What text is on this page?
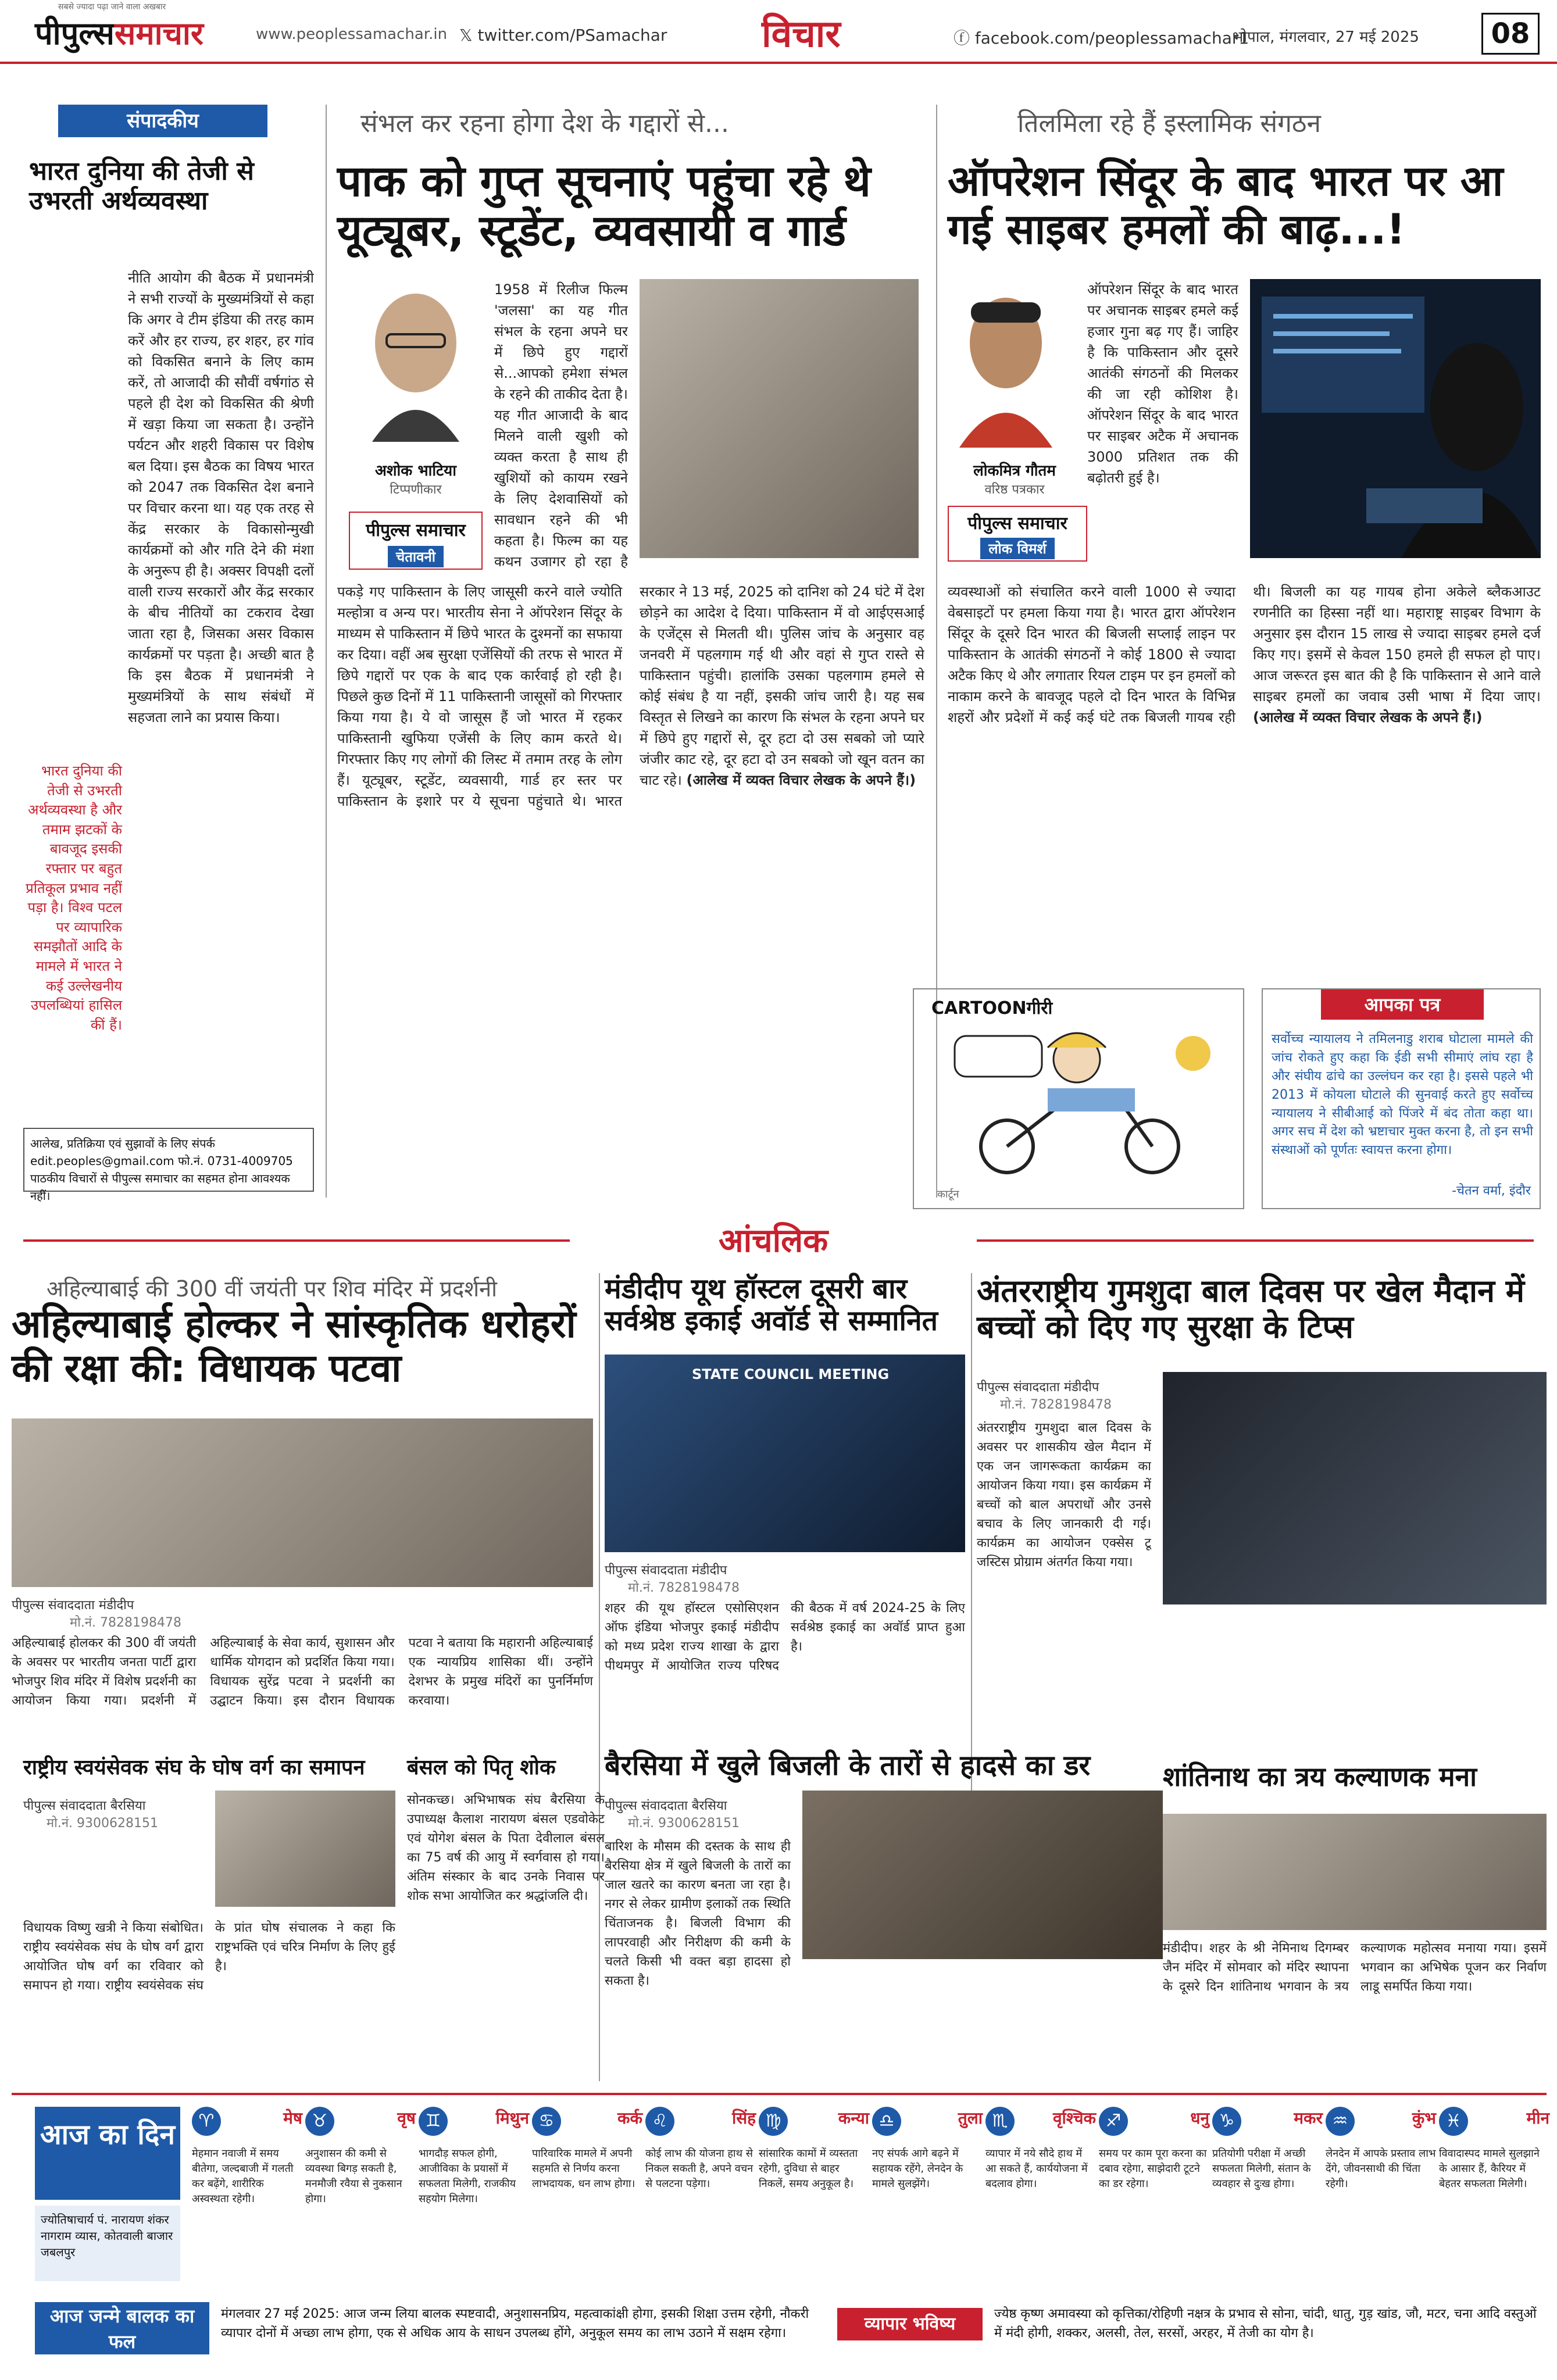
सबसे ज्यादा पढ़ा जाने वाला अखबार
पीपुल्ससमाचार	www.peoplessamachar.in 𝕏 twitter.com/PSamachar	विचार	ⓕ facebook.com/peoplessamachar1
भोपाल, मंगलवार, 27 मई 2025	08
संपादकीय
भारत दुनिया की तेजी से उभरती अर्थव्यवस्था
भारत दुनिया की तेजी से उभरती अर्थव्यवस्था है और तमाम झटकों के बावजूद इसकी रफ्तार पर बहुत प्रतिकूल प्रभाव नहीं पड़ा है। विश्व पटल पर व्यापारिक समझौतों आदि के मामले में भारत ने कई उल्लेखनीय उपलब्धियां हासिल कीं हैं।
नीति आयोग की बैठक में प्रधानमंत्री ने सभी राज्यों के मुख्यमंत्रियों से कहा कि अगर वे टीम इंडिया की तरह काम करें और हर राज्य, हर शहर, हर गांव को विकसित बनाने के लिए काम करें, तो आजादी की सौवीं वर्षगांठ से पहले ही देश को विकसित की श्रेणी में खड़ा किया जा सकता है। उन्होंने पर्यटन और शहरी विकास पर विशेष बल दिया। इस बैठक का विषय भारत को 2047 तक विकसित देश बनाने पर विचार करना था। यह एक तरह से केंद्र सरकार के विकासोन्मुखी कार्यक्रमों को और गति देने की मंशा के अनुरूप ही है। अक्सर विपक्षी दलों वाली राज्य सरकारों और केंद्र सरकार के बीच नीतियों का टकराव देखा जाता रहा है, जिसका असर विकास कार्यक्रमों पर पड़ता है। अच्छी बात है कि इस बैठक में प्रधानमंत्री ने मुख्यमंत्रियों के साथ संबंधों में सहजता लाने का प्रयास किया।
आलेख, प्रतिक्रिया एवं सुझावों के लिए संपर्क edit.peoples@gmail.com फो.नं. 0731-4009705 पाठकीय विचारों से पीपुल्स समाचार का सहमत होना आवश्यक नहीं।
संभल कर रहना होगा देश के गद्दारों से...
पाक को गुप्त सूचनाएं पहुंचा रहे थे यूट्यूबर, स्टूडेंट, व्यवसायी व गार्ड
अशोक भाटिया
टिप्पणीकार
पीपुल्स समाचार
चेतावनी
1958 में रिलीज फिल्म 'जलसा' का यह गीत संभल के रहना अपने घर में छिपे हुए गद्दारों से...आपको हमेशा संभल के रहने की ताकीद देता है। यह गीत आजादी के बाद मिलने वाली खुशी को व्यक्त करता है साथ ही खुशियों को कायम रखने के लिए देशवासियों को सावधान रहने की भी कहता है। फिल्म का यह कथन उजागर हो रहा है
पकड़े गए पाकिस्तान के लिए जासूसी करने वाले ज्योति मल्होत्रा व अन्य पर। भारतीय सेना ने ऑपरेशन सिंदूर के माध्यम से पाकिस्तान में छिपे भारत के दुश्मनों का सफाया कर दिया। वहीं अब सुरक्षा एजेंसियों की तरफ से भारत में छिपे गद्दारों पर एक के बाद एक कार्रवाई हो रही है। पिछले कुछ दिनों में 11 पाकिस्तानी जासूसों को गिरफ्तार किया गया है। ये वो जासूस हैं जो भारत में रहकर पाकिस्तानी खुफिया एजेंसी के लिए काम करते थे। गिरफ्तार किए गए लोगों की लिस्ट में तमाम तरह के लोग हैं। यूट्यूबर, स्टूडेंट, व्यवसायी, गार्ड हर स्तर पर पाकिस्तान के इशारे पर ये सूचना पहुंचाते थे। भारत सरकार ने 13 मई, 2025 को दानिश को 24 घंटे में देश छोड़ने का आदेश दे दिया। पाकिस्तान में वो आईएसआई के एजेंट्स से मिलती थी। पुलिस जांच के अनुसार वह जनवरी में पहलगाम गई थी और वहां से गुप्त रास्ते से पाकिस्तान पहुंची। हालांकि उसका पहलगाम हमले से कोई संबंध है या नहीं, इसकी जांच जारी है। यह सब विस्तृत से लिखने का कारण कि संभल के रहना अपने घर में छिपे हुए गद्दारों से, दूर हटा दो उस सबको जो प्यारे जंजीर काट रहे, दूर हटा दो उन सबको जो खून वतन का चाट रहे। (आलेख में व्यक्त विचार लेखक के अपने हैं।)
तिलमिला रहे हैं इस्लामिक संगठन
ऑपरेशन सिंदूर के बाद भारत पर आ गई साइबर हमलों की बाढ़...!
लोकमित्र गौतम
वरिष्ठ पत्रकार
पीपुल्स समाचार
लोक विमर्श
ऑपरेशन सिंदूर के बाद भारत पर अचानक साइबर हमले कई हजार गुना बढ़ गए हैं। जाहिर है कि पाकिस्तान और दूसरे आतंकी संगठनों की मिलकर की जा रही कोशिश है। ऑपरेशन सिंदूर के बाद भारत पर साइबर अटैक में अचानक 3000 प्रतिशत तक की बढ़ोतरी हुई है।
व्यवस्थाओं को संचालित करने वाली 1000 से ज्यादा वेबसाइटों पर हमला किया गया है। भारत द्वारा ऑपरेशन सिंदूर के दूसरे दिन भारत की बिजली सप्लाई लाइन पर पाकिस्तान के आतंकी संगठनों ने कोई 1800 से ज्यादा अटैक किए थे और लगातार रियल टाइम पर इन हमलों को नाकाम करने के बावजूद पहले दो दिन भारत के विभिन्न शहरों और प्रदेशों में कई कई घंटे तक बिजली गायब रही थी। बिजली का यह गायब होना अकेले ब्लैकआउट रणनीति का हिस्सा नहीं था। महाराष्ट्र साइबर विभाग के अनुसार इस दौरान 15 लाख से ज्यादा साइबर हमले दर्ज किए गए। इसमें से केवल 150 हमले ही सफल हो पाए। आज जरूरत इस बात की है कि पाकिस्तान से आने वाले साइबर हमलों का जवाब उसी भाषा में दिया जाए। (आलेख में व्यक्त विचार लेखक के अपने हैं।)
CARTOONगीरी
कार्टून
आपका पत्र
सर्वोच्च न्यायालय ने तमिलनाडु शराब घोटाला मामले की जांच रोकते हुए कहा कि ईडी सभी सीमाएं लांघ रहा है और संघीय ढांचे का उल्लंघन कर रहा है। इससे पहले भी 2013 में कोयला घोटाले की सुनवाई करते हुए सर्वोच्च न्यायालय ने सीबीआई को पिंजरे में बंद तोता कहा था। अगर सच में देश को भ्रष्टाचार मुक्त करना है, तो इन सभी संस्थाओं को पूर्णतः स्वायत्त करना होगा।
-चेतन वर्मा, इंदौर
आंचलिक
अहिल्याबाई की 300 वीं जयंती पर शिव मंदिर में प्रदर्शनी
अहिल्याबाई होल्कर ने सांस्कृतिक धरोहरों की रक्षा की: विधायक पटवा
पीपुल्स संवाददाता मंडीदीप
मो.नं. 7828198478
अहिल्याबाई होलकर की 300 वीं जयंती के अवसर पर भारतीय जनता पार्टी द्वारा भोजपुर शिव मंदिर में विशेष प्रदर्शनी का आयोजन किया गया। प्रदर्शनी में अहिल्याबाई के सेवा कार्य, सुशासन और धार्मिक योगदान को प्रदर्शित किया गया। विधायक सुरेंद्र पटवा ने प्रदर्शनी का उद्घाटन किया। इस दौरान विधायक पटवा ने बताया कि महारानी अहिल्याबाई एक न्यायप्रिय शासिका थीं। उन्होंने देशभर के प्रमुख मंदिरों का पुनर्निर्माण करवाया।
मंडीदीप यूथ हॉस्टल दूसरी बार सर्वश्रेष्ठ इकाई अवॉर्ड से सम्मानित
STATE COUNCIL MEETING
पीपुल्स संवाददाता मंडीदीप
मो.नं. 7828198478
शहर की यूथ हॉस्टल एसोसिएशन ऑफ इंडिया भोजपुर इकाई मंडीदीप को मध्य प्रदेश राज्य शाखा के द्वारा पीथमपुर में आयोजित राज्य परिषद की बैठक में वर्ष 2024-25 के लिए सर्वश्रेष्ठ इकाई का अवॉर्ड प्राप्त हुआ है।
अंतरराष्ट्रीय गुमशुदा बाल दिवस पर खेल मैदान में बच्चों को दिए गए सुरक्षा के टिप्स
पीपुल्स संवाददाता मंडीदीप
मो.नं. 7828198478
अंतरराष्ट्रीय गुमशुदा बाल दिवस के अवसर पर शासकीय खेल मैदान में एक जन जागरूकता कार्यक्रम का आयोजन किया गया। इस कार्यक्रम में बच्चों को बाल अपराधों और उनसे बचाव के लिए जानकारी दी गई। कार्यक्रम का आयोजन एक्सेस टू जस्टिस प्रोग्राम अंतर्गत किया गया।
राष्ट्रीय स्वयंसेवक संघ के घोष वर्ग का समापन
पीपुल्स संवाददाता बैरसिया
मो.नं. 9300628151
विधायक विष्णु खत्री ने किया संबोधित। राष्ट्रीय स्वयंसेवक संघ के घोष वर्ग द्वारा आयोजित घोष वर्ग का रविवार को समापन हो गया। राष्ट्रीय स्वयंसेवक संघ के प्रांत घोष संचालक ने कहा कि राष्ट्रभक्ति एवं चरित्र निर्माण के लिए हुई है।
बंसल को पितृ शोक
सोनकच्छ। अभिभाषक संघ बैरसिया के उपाध्यक्ष कैलाश नारायण बंसल एडवोकेट एवं योगेश बंसल के पिता देवीलाल बंसल का 75 वर्ष की आयु में स्वर्गवास हो गया। अंतिम संस्कार के बाद उनके निवास पर शोक सभा आयोजित कर श्रद्धांजलि दी।
बैरसिया में खुले बिजली के तारों से हादसे का डर
पीपुल्स संवाददाता बैरसिया
मो.नं. 9300628151
बारिश के मौसम की दस्तक के साथ ही बैरसिया क्षेत्र में खुले बिजली के तारों का जाल खतरे का कारण बनता जा रहा है। नगर से लेकर ग्रामीण इलाकों तक स्थिति चिंताजनक है। बिजली विभाग की लापरवाही और निरीक्षण की कमी के चलते किसी भी वक्त बड़ा हादसा हो सकता है।
शांतिनाथ का त्रय कल्याणक मना
मंडीदीप। शहर के श्री नेमिनाथ दिगम्बर जैन मंदिर में सोमवार को मंदिर स्थापना के दूसरे दिन शांतिनाथ भगवान के त्रय कल्याणक महोत्सव मनाया गया। इसमें भगवान का अभिषेक पूजन कर निर्वाण लाडू समर्पित किया गया।
आज का दिन
ज्योतिषाचार्य पं. नारायण शंकर नागराम व्यास, कोतवाली बाजार जबलपुर
♈	मेष
मेहमान नवाजी में समय बीतेगा, जल्दबाजी में गलती कर बढ़ेंगे, शारीरिक अस्वस्थता रहेगी।
♉	वृष
अनुशासन की कमी से व्यवस्था बिगड़ सकती है, मनमौजी रवैया से नुकसान होगा।
♊	मिथुन
भागदौड़ सफल होगी, आजीविका के प्रयासों में सफलता मिलेगी, राजकीय सहयोग मिलेगा।
♋	कर्क
पारिवारिक मामले में अपनी सहमति से निर्णय करना लाभदायक, धन लाभ होगा।
♌	सिंह
कोई लाभ की योजना हाथ से निकल सकती है, अपने वचन से पलटना पड़ेगा।
♍	कन्या
सांसारिक कामों में व्यस्तता रहेगी, दुविधा से बाहर निकलें, समय अनुकूल है।
♎	तुला
नए संपर्क आगे बढ़ने में सहायक रहेंगे, लेनदेन के मामले सुलझेंगे।
♏	वृश्चिक
व्यापार में नये सौदे हाथ में आ सकते हैं, कार्ययोजना में बदलाव होगा।
♐	धनु
समय पर काम पूरा करना का दबाव रहेगा, साझेदारी टूटने का डर रहेगा।
♑	मकर
प्रतियोगी परीक्षा में अच्छी सफलता मिलेगी, संतान के व्यवहार से दुःख होगा।
♒	कुंभ
लेनदेन में आपके प्रस्ताव लाभ देंगे, जीवनसाथी की चिंता रहेगी।
♓	मीन
विवादास्पद मामले सुलझाने के आसार हैं, कैरियर में बेहतर सफलता मिलेगी।
आज जन्मे बालक का फल
मंगलवार 27 मई 2025: आज जन्म लिया बालक स्पष्टवादी, अनुशासनप्रिय, महत्वाकांक्षी होगा, इसकी शिक्षा उत्तम रहेगी, नौकरी व्यापार दोनों में अच्छा लाभ होगा, एक से अधिक आय के साधन उपलब्ध होंगे, अनुकूल समय का लाभ उठाने में सक्षम रहेगा।	व्यापार भविष्य	ज्येष्ठ कृष्ण अमावस्या को कृत्तिका/रोहिणी नक्षत्र के प्रभाव से सोना, चांदी, धातु, गुड़ खांड, जौ, मटर, चना आदि वस्तुओं में मंदी होगी, शक्कर, अलसी, तेल, सरसों, अरहर, में तेजी का योग है।
